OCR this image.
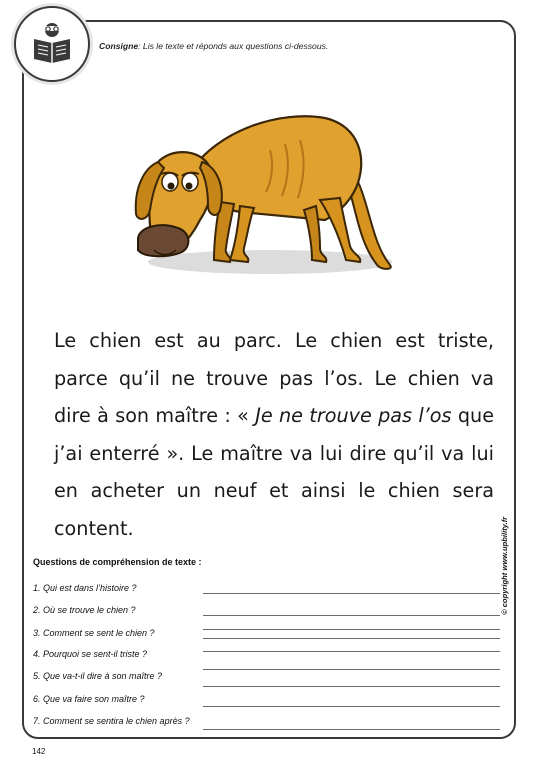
Consigne: Lis le texte et réponds aux questions ci-dessous.

Le chien est au parc. Le chien est triste, parce qu’il ne trouve pas l’os. Le chien va dire à son maître : « Je ne trouve pas l’os que j’ai enterré ». Le maître va lui dire qu’il va lui en acheter un neuf et ainsi le chien sera content.

Questions de compréhension de texte :
1. Qui est dans l’histoire ?
2. Où se trouve le chien ?
3. Comment se sent le chien ?
4. Pourquoi se sent-il triste ?
5. Que va-t-il dire à son maître ?
6. Que va faire son maître ?
7. Comment se sentira le chien après ?
© copyright www.upbility.fr
142
